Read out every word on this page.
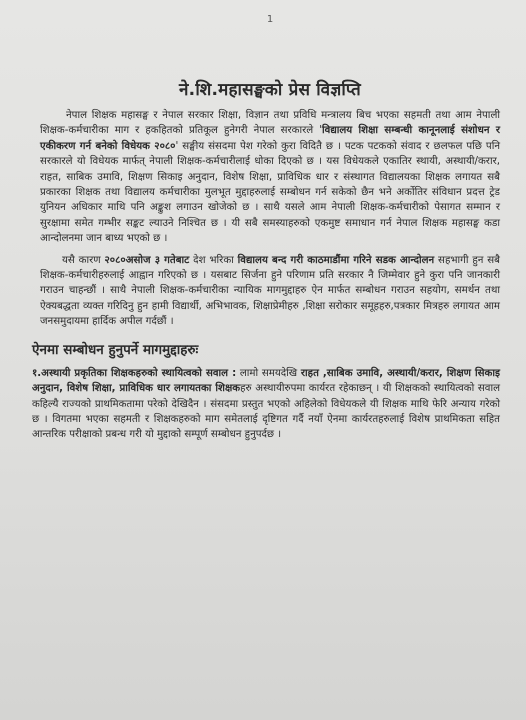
1
ने.शि.महासङ्घको प्रेस विज्ञप्ति

नेपाल शिक्षक महासङ्घ र नेपाल सरकार शिक्षा, विज्ञान तथा प्रविधि मन्त्रालय बिच भएका सहमती तथा आम नेपाली शिक्षक-कर्मचारीका माग र हकहितको प्रतिकूल हुनेगरी नेपाल सरकारले 'विद्यालय शिक्षा सम्बन्धी कानूनलाई संशोधन र एकीकरण गर्न बनेको विधेयक २०८०' सङ्घीय संसदमा पेश गरेको कुरा विदितै छ । पटक पटकको संवाद र छलफल पछि पनि सरकारले यो विधेयक मार्फत् नेपाली शिक्षक-कर्मचारीलाई धोका दिएको छ । यस विधेयकले एकातिर स्थायी, अस्थायी/करार, राहत, साबिक उमावि, शिक्षण सिकाइ अनुदान, विशेष शिक्षा, प्राविधिक धार र संस्थागत विद्यालयका शिक्षक लगायत सबै प्रकारका शिक्षक तथा विद्यालय कर्मचारीका मुलभूत मुद्दाहरुलाई सम्बोधन गर्न सकेको छैन भने अर्कोतिर संविधान प्रदत्त ट्रेड युनियन अधिकार माथि पनि अङ्कुश लगाउन खोजेको छ । साथै यसले आम नेपाली शिक्षक-कर्मचारीको पेसागत सम्मान र सुरक्षामा समेत गम्भीर सङ्कट ल्याउने निश्चित छ । यी सबै समस्याहरुको एकमुष्ट समाधान गर्न नेपाल शिक्षक महासङ्घ कडा आन्दोलनमा जान बाध्य भएको छ ।

यसै कारण २०८०असोज ३ गतेबाट देश भरिका विद्यालय बन्द गरी काठमाडौंमा गरिने सडक आन्दोलन सहभागी हुन सबै शिक्षक-कर्मचारीहरुलाई आह्वान गरिएको छ । यसबाट सिर्जना हुने परिणाम प्रति सरकार नै जिम्मेवार हुने कुरा पनि जानकारी गराउन चाहन्छौं । साथै नेपाली शिक्षक-कर्मचारीका न्यायिक मागमुद्दाहरु ऐन मार्फत सम्बोधन गराउन सहयोग, समर्थन तथा ऐक्यबद्धता व्यक्त गरिदिनु हुन हामी विद्यार्थी, अभिभावक, शिक्षाप्रेमीहरु ,शिक्षा सरोकार समूहहरु,पत्रकार मित्रहरु लगायत आम जनसमुदायमा हार्दिक अपील गर्दछौं ।

ऐनमा सम्बोधन हुनुपर्ने मागमुद्दाहरुः

१.अस्थायी प्रकृतिका शिक्षकहरुको स्थायित्वको सवाल : लामो समयदेखि राहत ,साबिक उमावि, अस्थायी/करार, शिक्षण सिकाइ अनुदान, विशेष शिक्षा, प्राविधिक धार लगायतका शिक्षकहरु अस्थायीरुपमा कार्यरत रहेकाछन् । यी शिक्षकको स्थायित्वको सवाल कहिल्यै राज्यको प्राथमिकतामा परेको देखिदैन । संसदमा प्रस्तुत भएको अहिलेको विधेयकले यी शिक्षक माथि फेरि अन्याय गरेको छ । विगतमा भएका सहमती र शिक्षकहरुको माग समेतलाई दृष्टिगत गर्दै नयाँ ऐनमा कार्यरतहरुलाई विशेष प्राथमिकता सहित आन्तरिक परीक्षाको प्रबन्ध गरी यो मुद्दाको सम्पूर्ण सम्बोधन हुनुपर्दछ ।
